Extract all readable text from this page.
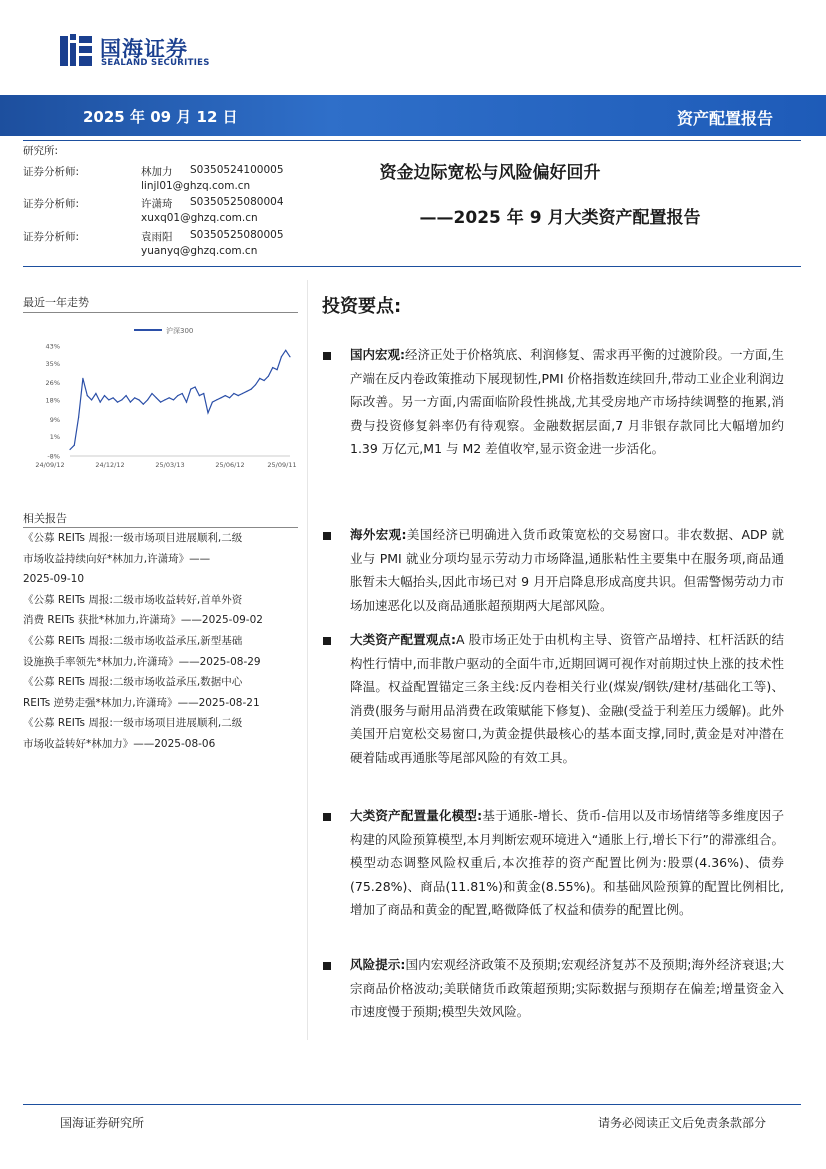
国海证券
SEALAND SECURITIES
2025 年 09 月 12 日	资产配置报告
研究所:
证券分析师:	林加力 S0350524100005
linjl01@ghzq.com.cn
证券分析师:	许潇琦 S0350525080004
xuxq01@ghzq.com.cn
证券分析师:	袁雨阳 S0350525080005
yuanyq@ghzq.com.cn
资金边际宽松与风险偏好回升
——2025 年 9 月大类资产配置报告
最近一年走势
43%
35%
26%
18%
9%
1%
-8%
24/09/12	24/12/12	25/03/13	25/06/12	25/09/11
沪深300
相关报告
《公募 REITs 周报:一级市场项目进展顺利,二级
市场收益持续向好*林加力,许潇琦》——
2025-09-10
《公募 REITs 周报:二级市场收益转好,首单外资
消费 REITs 获批*林加力,许潇琦》——2025-09-02
《公募 REITs 周报:二级市场收益承压,新型基础
设施换手率领先*林加力,许潇琦》——2025-08-29
《公募 REITs 周报:二级市场收益承压,数据中心
REITs 逆势走强*林加力,许潇琦》——2025-08-21
《公募 REITs 周报:一级市场项目进展顺利,二级
市场收益转好*林加力》——2025-08-06
投资要点:
国内宏观:经济正处于价格筑底、利润修复、需求再平衡的过渡阶段。一方面,生产端在反内卷政策推动下展现韧性,PMI 价格指数连续回升,带动工业企业利润边际改善。另一方面,内需面临阶段性挑战,尤其受房地产市场持续调整的拖累,消费与投资修复斜率仍有待观察。金融数据层面,7 月非银存款同比大幅增加约 1.39 万亿元,M1 与 M2 差值收窄,显示资金进一步活化。
海外宏观:美国经济已明确进入货币政策宽松的交易窗口。非农数据、ADP 就业与 PMI 就业分项均显示劳动力市场降温,通胀粘性主要集中在服务项,商品通胀暂未大幅抬头,因此市场已对 9 月开启降息形成高度共识。但需警惕劳动力市场加速恶化以及商品通胀超预期两大尾部风险。
大类资产配置观点:A 股市场正处于由机构主导、资管产品增持、杠杆活跃的结构性行情中,而非散户驱动的全面牛市,近期回调可视作对前期过快上涨的技术性降温。权益配置锚定三条主线:反内卷相关行业(煤炭/钢铁/建材/基础化工等)、消费(服务与耐用品消费在政策赋能下修复)、金融(受益于利差压力缓解)。此外美国开启宽松交易窗口,为黄金提供最核心的基本面支撑,同时,黄金是对冲潜在硬着陆或再通胀等尾部风险的有效工具。
大类资产配置量化模型:基于通胀-增长、货币-信用以及市场情绪等多维度因子构建的风险预算模型,本月判断宏观环境进入“通胀上行,增长下行”的滞涨组合。模型动态调整风险权重后,本次推荐的资产配置比例为:股票(4.36%)、债券(75.28%)、商品(11.81%)和黄金(8.55%)。和基础风险预算的配置比例相比,增加了商品和黄金的配置,略微降低了权益和债券的配置比例。
风险提示:国内宏观经济政策不及预期;宏观经济复苏不及预期;海外经济衰退;大宗商品价格波动;美联储货币政策超预期;实际数据与预期存在偏差;增量资金入市速度慢于预期;模型失效风险。
国海证券研究所	请务必阅读正文后免责条款部分
